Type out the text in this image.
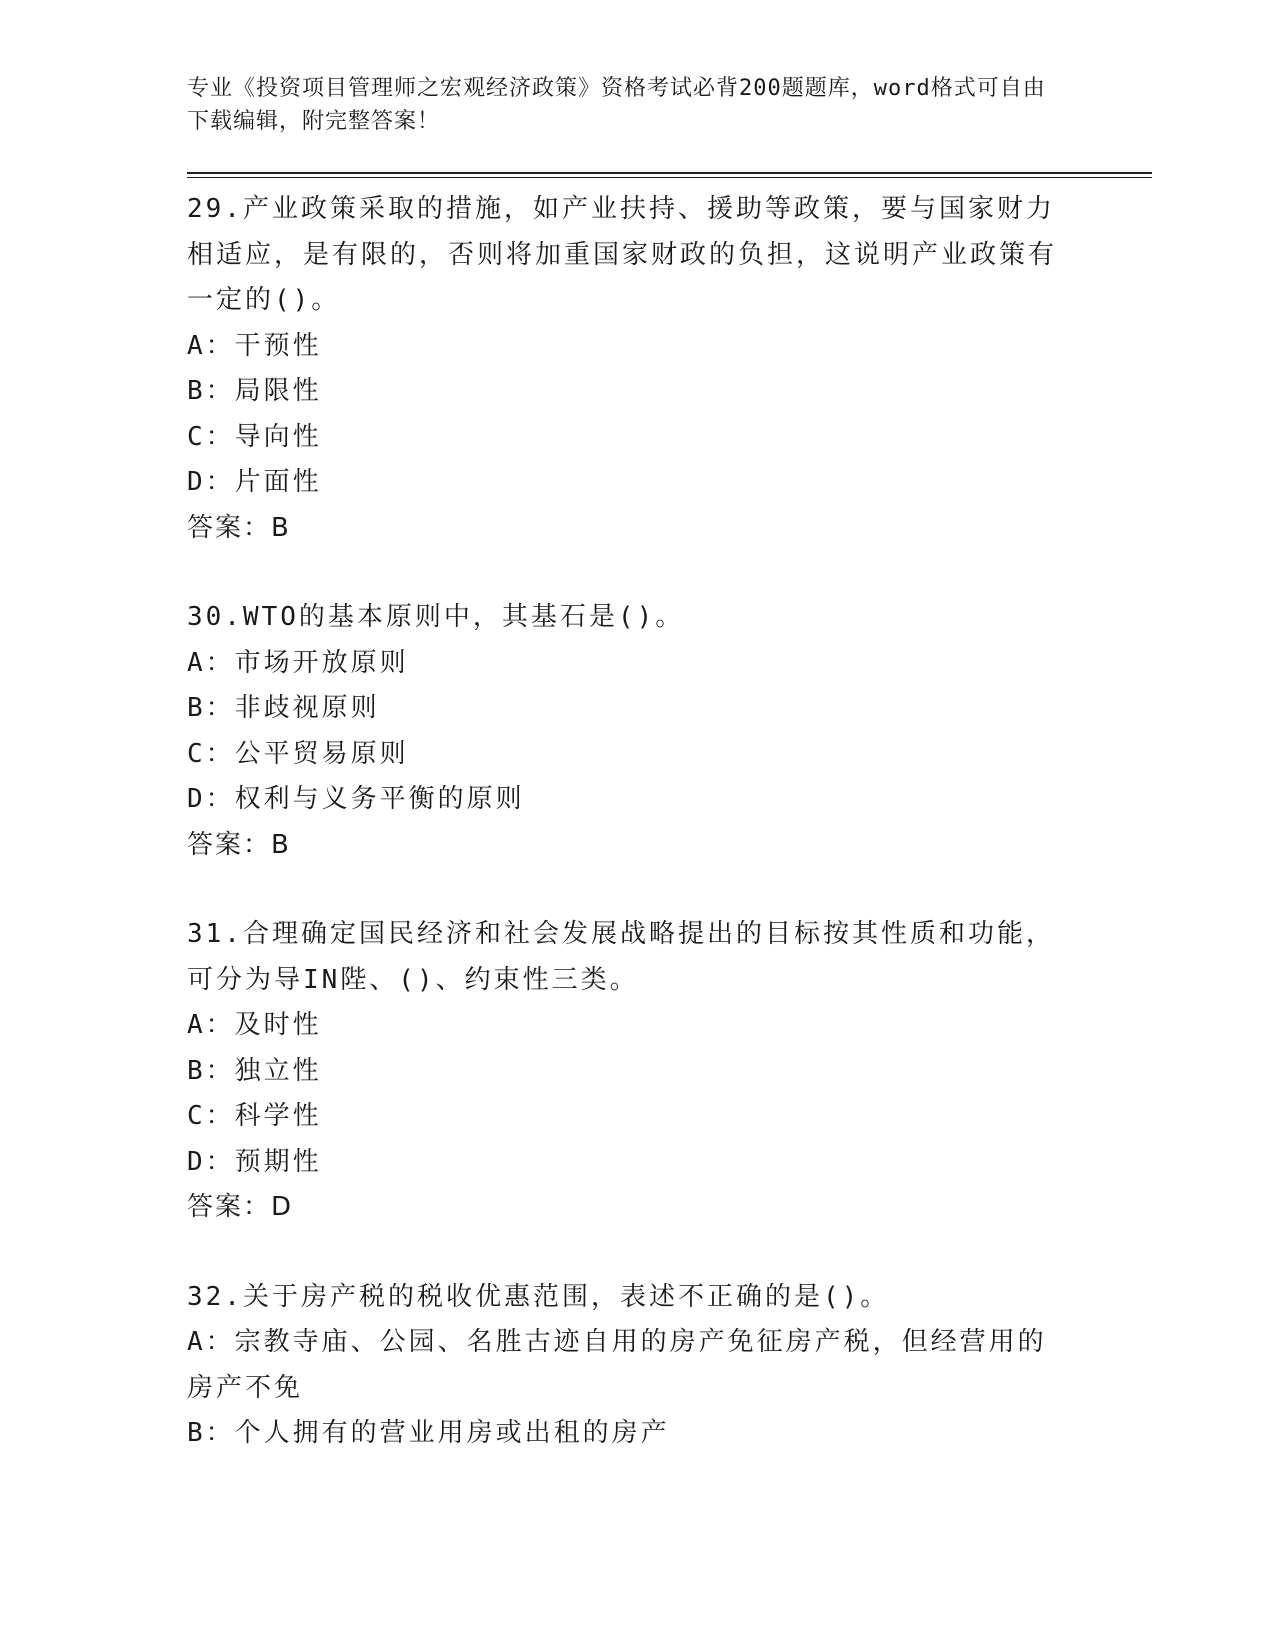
专业《投资项目管理师之宏观经济政策》资格考试必背200题题库，word格式可自由下载编辑，附完整答案！

29.产业政策采取的措施，如产业扶持、援助等政策，要与国家财力相适应，是有限的，否则将加重国家财政的负担，这说明产业政策有一定的()。

A：干预性

B：局限性

C：导向性

D：片面性

答案：B

30.WTO的基本原则中，其基石是()。

A：市场开放原则

B：非歧视原则

C：公平贸易原则

D：权利与义务平衡的原则

答案：B

31.合理确定国民经济和社会发展战略提出的目标按其性质和功能，可分为导IN陛、()、约束性三类。

A：及时性

B：独立性

C：科学性

D：预期性

答案：D

32.关于房产税的税收优惠范围，表述不正确的是()。

A：宗教寺庙、公园、名胜古迹自用的房产免征房产税，但经营用的房产不免

B：个人拥有的营业用房或出租的房产
